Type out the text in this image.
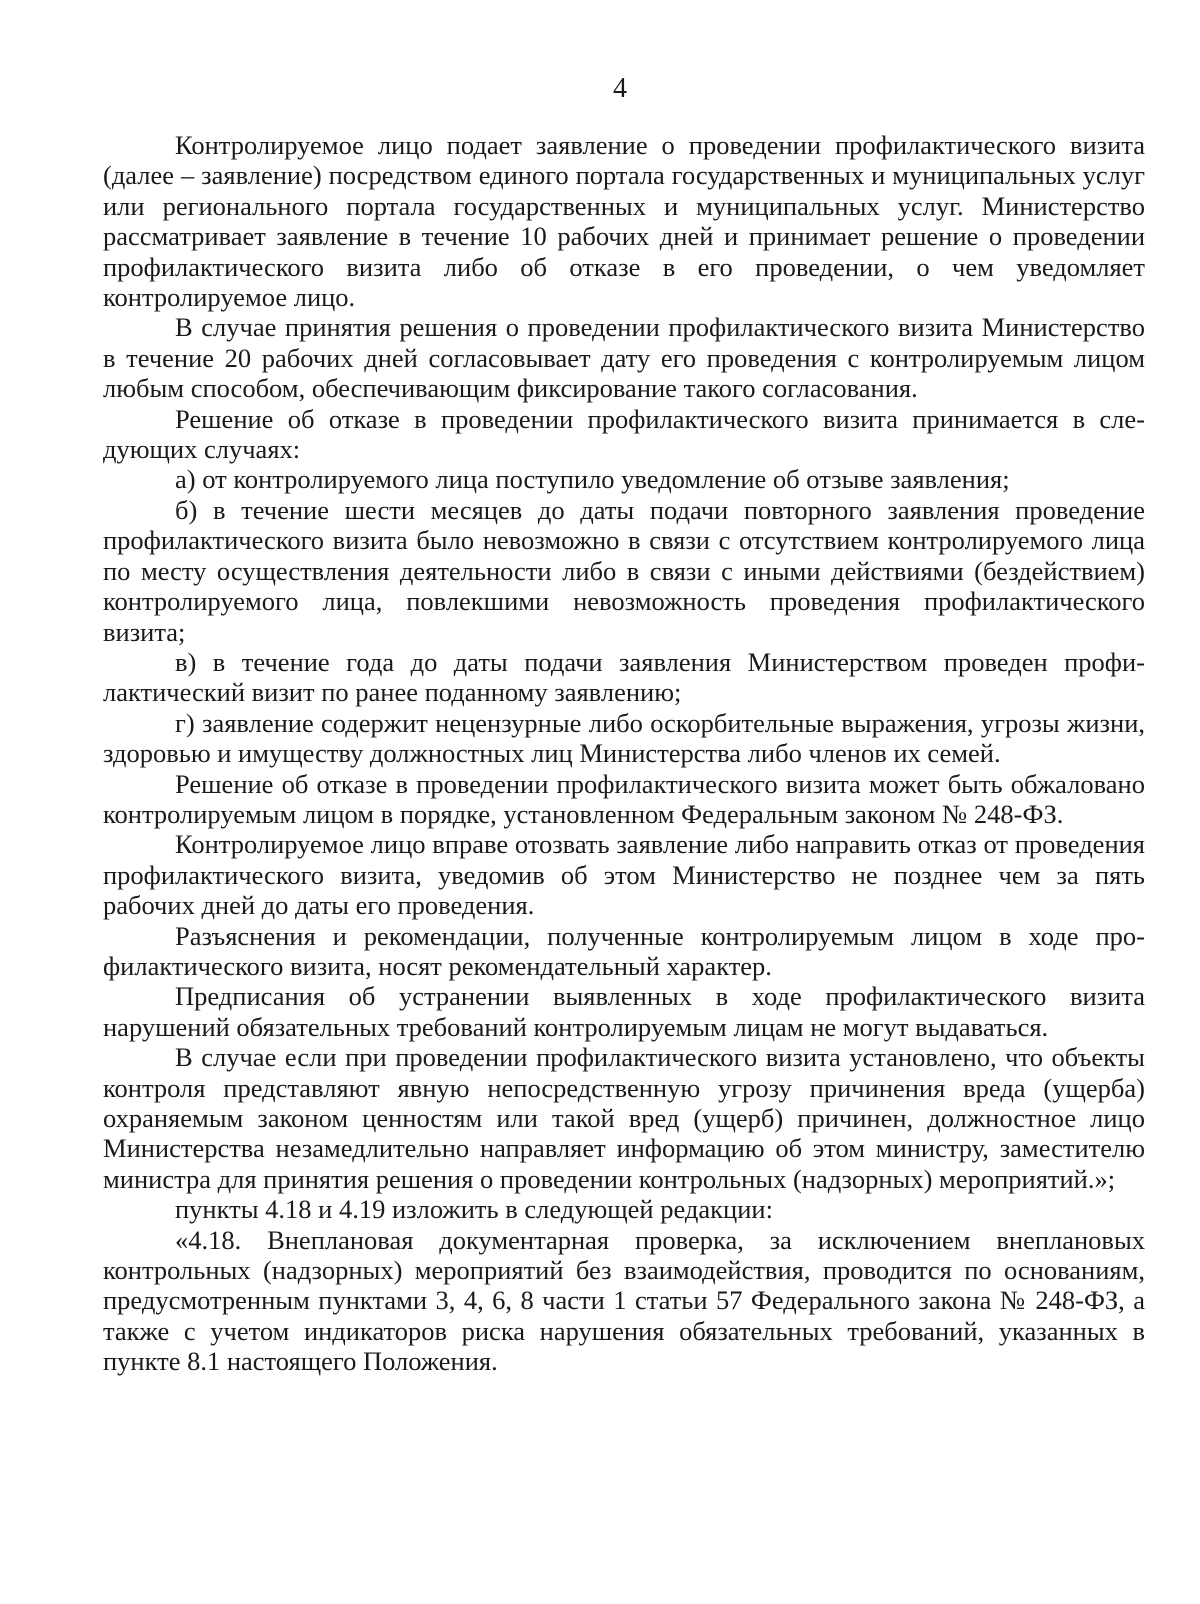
4

Контролируемое лицо подает заявление о проведении профилактического визита (далее – заявление) посредством единого портала государственных и муниципальных услуг или регионального портала государственных и муниципальных услуг. Министерство рассматривает заявление в течение 10 рабочих дней и принимает решение о проведении профилактического визита либо об отказе в его проведении, о чем уведомляет контролируемое лицо.

В случае принятия решения о проведении профилактического визита Министерство в течение 20 рабочих дней согласовывает дату его проведения с контролируемым лицом любым способом, обеспечивающим фиксирование такого согласования.

Решение об отказе в проведении профилактического визита принимается в следующих случаях:

а) от контролируемого лица поступило уведомление об отзыве заявления;

б) в течение шести месяцев до даты подачи повторного заявления проведение профилактического визита было невозможно в связи с отсутствием контролируемого лица по месту осуществления деятельности либо в связи с иными действиями (бездействием) контролируемого лица, повлекшими невозможность проведения профилактического визита;

в) в течение года до даты подачи заявления Министерством проведен профилактический визит по ранее поданному заявлению;

г) заявление содержит нецензурные либо оскорбительные выражения, угрозы жизни, здоровью и имуществу должностных лиц Министерства либо членов их семей.

Решение об отказе в проведении профилактического визита может быть обжаловано контролируемым лицом в порядке, установленном Федеральным законом № 248-ФЗ.

Контролируемое лицо вправе отозвать заявление либо направить отказ от проведения профилактического визита, уведомив об этом Министерство не позднее чем за пять рабочих дней до даты его проведения.

Разъяснения и рекомендации, полученные контролируемым лицом в ходе профилактического визита, носят рекомендательный характер.

Предписания об устранении выявленных в ходе профилактического визита нарушений обязательных требований контролируемым лицам не могут выдаваться.

В случае если при проведении профилактического визита установлено, что объекты контроля представляют явную непосредственную угрозу причинения вреда (ущерба) охраняемым законом ценностям или такой вред (ущерб) причинен, должностное лицо Министерства незамедлительно направляет информацию об этом министру, заместителю министра для принятия решения о проведении контрольных (надзорных) мероприятий.»;

пункты 4.18 и 4.19 изложить в следующей редакции:

«4.18. Внеплановая документарная проверка, за исключением внеплановых контрольных (надзорных) мероприятий без взаимодействия, проводится по основаниям, предусмотренным пунктами 3, 4, 6, 8 части 1 статьи 57 Федерального закона № 248-ФЗ, а также с учетом индикаторов риска нарушения обязательных требований, указанных в пункте 8.1 настоящего Положения.
